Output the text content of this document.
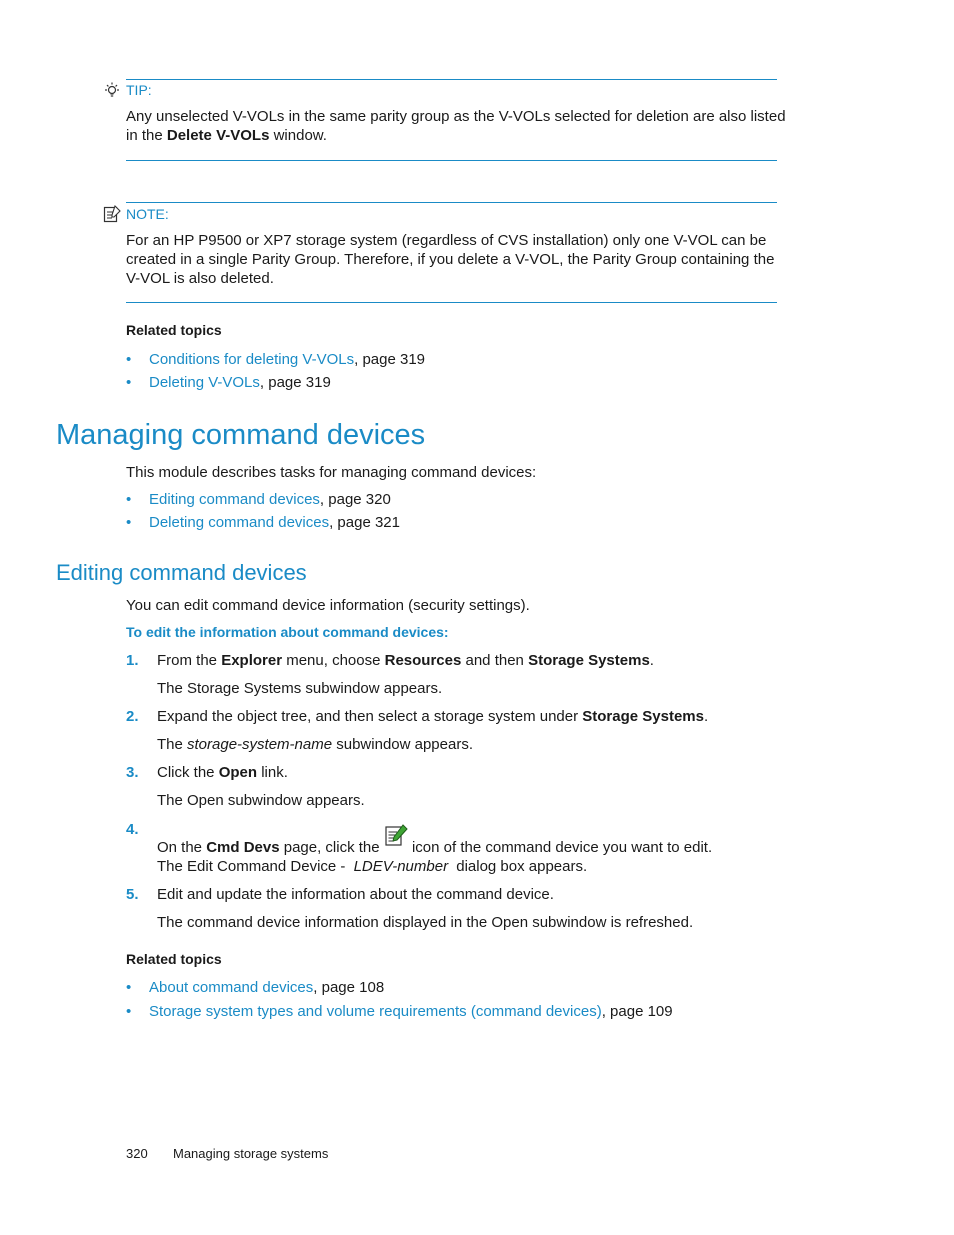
TIP:
Any unselected V-VOLs in the same parity group as the V-VOLs selected for deletion are also listed
in the Delete V-VOLs window.
NOTE:
For an HP P9500 or XP7 storage system (regardless of CVS installation) only one V-VOL can be
created in a single Parity Group. Therefore, if you delete a V-VOL, the Parity Group containing the
V-VOL is also deleted.
Related topics
• Conditions for deleting V-VOLs, page 319
• Deleting V-VOLs, page 319
Managing command devices
This module describes tasks for managing command devices:
• Editing command devices, page 320
• Deleting command devices, page 321
Editing command devices
You can edit command device information (security settings).
To edit the information about command devices:
1. From the Explorer menu, choose Resources and then Storage Systems.
The Storage Systems subwindow appears.
2. Expand the object tree, and then select a storage system under Storage Systems.
The storage-system-name subwindow appears.
3. Click the Open link.
The Open subwindow appears.
4.
On the Cmd Devs page, click the  icon of the command device you want to edit.
The Edit Command Device - LDEV-number dialog box appears.
5. Edit and update the information about the command device.
The command device information displayed in the Open subwindow is refreshed.
Related topics
• About command devices, page 108
• Storage system types and volume requirements (command devices), page 109
320 Managing storage systems
